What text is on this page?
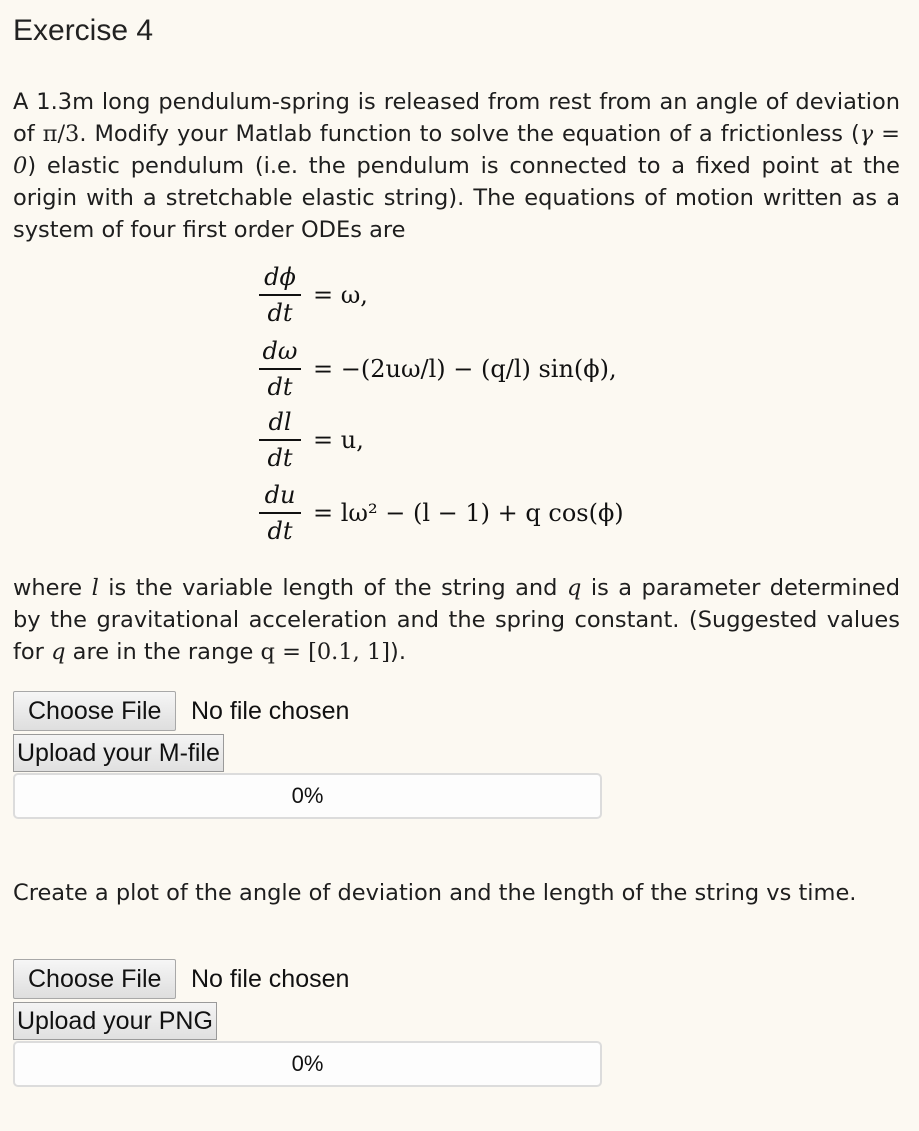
Exercise 4

A 1.3m long pendulum-spring is released from rest from an angle of deviation of π/3. Modify your Matlab function to solve the equation of a frictionless (γ = 0) elastic pendulum (i.e. the pendulum is connected to a fixed point at the origin with a stretchable elastic string). The equations of motion written as a system of four first order ODEs are

$\frac{d\phi}{dt} = \omega$,
$\frac{d\omega}{dt} = -(2u\omega/l) - (q/l)$ sin(ϕ),
$\frac{dl}{dt} = u$,
$\frac{du}{dt} = l\omega^2 - (l - 1) + q$ cos(ϕ)

where l is the variable length of the string and q is a parameter determined by the gravitational acceleration and the spring constant. (Suggested values for q are in the range q = [0.1, 1]).

Choose File	No file chosen
Upload your M-file
0%

Create a plot of the angle of deviation and the length of the string vs time.

Choose File	No file chosen
Upload your PNG
0%
